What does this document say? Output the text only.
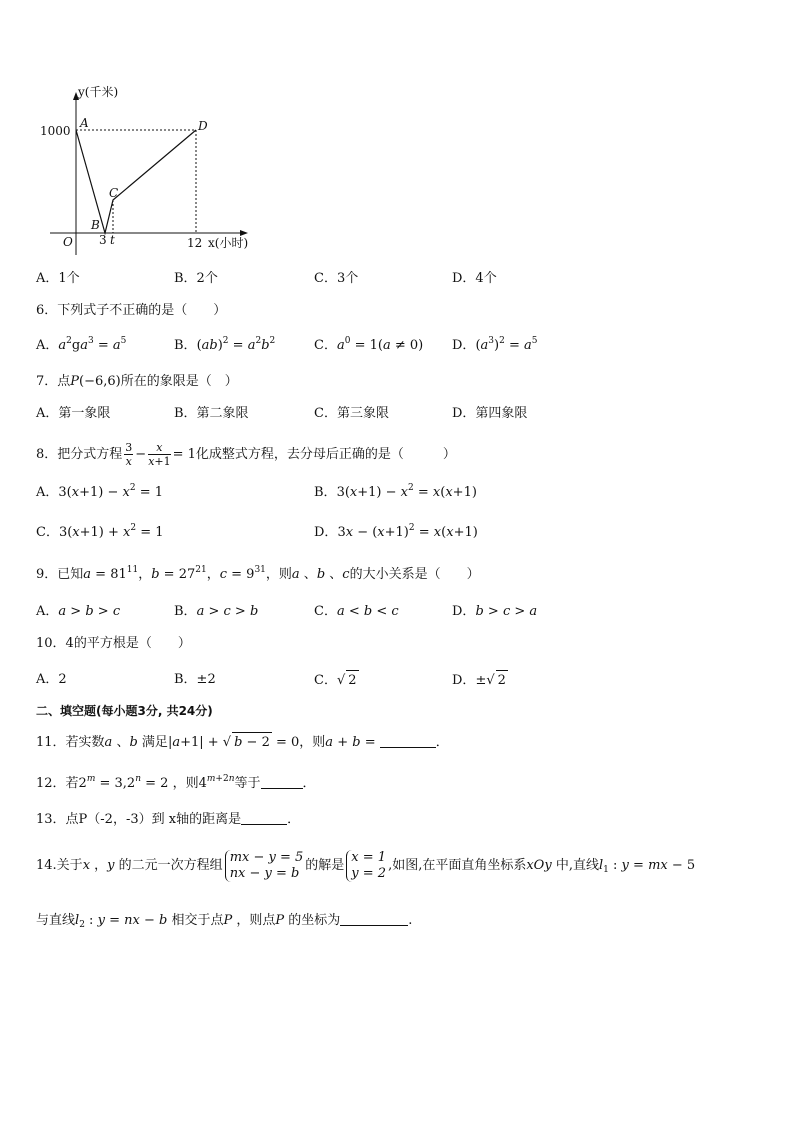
y(千米)
1000
A	D
C
B
O 3 t	12 x(小时)
A．1个	B．2个	C．3个	D．4个
6．下列式子不正确的是（　　）
A．$a^2ga^3 = a^5$	B．$(ab)^2 = a^2b^2$	C．$a^0 = 1(a \ne 0)$ D．$(a^3)^2 = a^5$
7．点P(−6,6)所在的象限是（　）
A．第一象限	B．第二象限	C．第三象限	D．第四象限
8．把分式方程 $\frac{3}{x} - \frac{x}{x+1} = 1$化成整式方程，去分母后正确的是（　　　）
A．$3(x+1) - x^2 = 1$	B．$3(x+1) - x^2 = x(x+1)$
C．$3(x+1) + x^2 = 1$	D．$3x - (x+1)^2 = x(x+1)$
9．已知$a = 81^{11}$，$b = 27^{21}$，$c = 9^{31}$，则a 、b 、c的大小关系是（　　）
A．a > b > c	B．a > c > b	C．a < b < c	D．b > c > a
10．4的平方根是（　　）
A．2	B．±2	C．√ 2	D．±√ 2
二、填空题(每小题3分, 共24分)
11．若实数a 、b 满足|a+1| + √ b − 2 = 0，则a + b =	．
12．若$2^m = 3,2^n = 2$ ，则$4^{m+2n}$等于	．
13．点P（-2，-3）到 x轴的距离是	．
14.关于x ，y 的二元一次方程组
mx − y = 5
nx − y = b 的解是
x = 1
y = 2 ,如图,在平面直角坐标系xOy 中,直线$l_1$ : y = mx − 5
与直线$l_2$ : y = nx − b 相交于点P ，则点P 的坐标为	.
